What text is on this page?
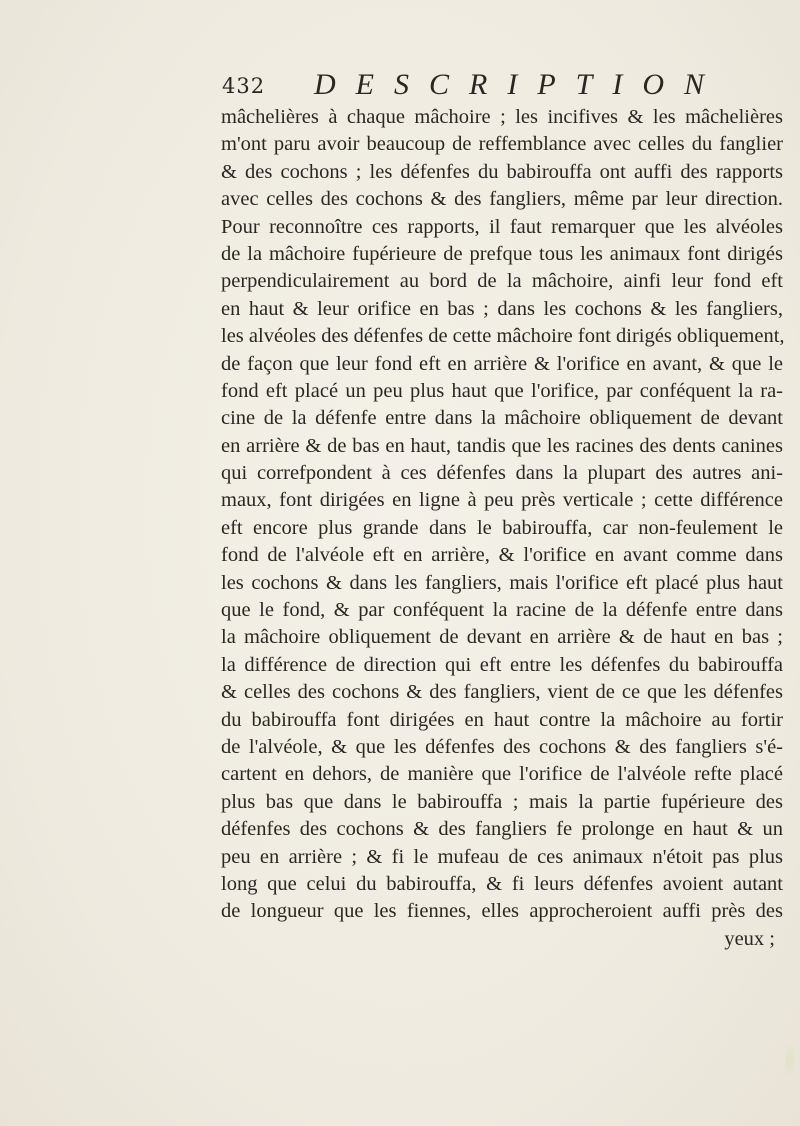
432 DESCRIPTION
mâchelières à chaque mâchoire ; les incifives & les mâchelières
m'ont paru avoir beaucoup de reffemblance avec celles du fanglier
& des cochons ; les défenfes du babirouffa ont auffi des rapports
avec celles des cochons & des fangliers, même par leur direction.
Pour reconnoître ces rapports, il faut remarquer que les alvéoles
de la mâchoire fupérieure de prefque tous les animaux font dirigés
perpendiculairement au bord de la mâchoire, ainfi leur fond eft
en haut & leur orifice en bas ; dans les cochons & les fangliers,
les alvéoles des défenfes de cette mâchoire font dirigés obliquement,
de façon que leur fond eft en arrière & l'orifice en avant, & que le
fond eft placé un peu plus haut que l'orifice, par conféquent la ra-
cine de la défenfe entre dans la mâchoire obliquement de devant
en arrière & de bas en haut, tandis que les racines des dents canines
qui correfpondent à ces défenfes dans la plupart des autres ani-
maux, font dirigées en ligne à peu près verticale ; cette différence
eft encore plus grande dans le babirouffa, car non-feulement le
fond de l'alvéole eft en arrière, & l'orifice en avant comme dans
les cochons & dans les fangliers, mais l'orifice eft placé plus haut
que le fond, & par conféquent la racine de la défenfe entre dans
la mâchoire obliquement de devant en arrière & de haut en bas ;
la différence de direction qui eft entre les défenfes du babirouffa
& celles des cochons & des fangliers, vient de ce que les défenfes
du babirouffa font dirigées en haut contre la mâchoire au fortir
de l'alvéole, & que les défenfes des cochons & des fangliers s'é-
cartent en dehors, de manière que l'orifice de l'alvéole refte placé
plus bas que dans le babirouffa ; mais la partie fupérieure des
défenfes des cochons & des fangliers fe prolonge en haut & un
peu en arrière ; & fi le mufeau de ces animaux n'étoit pas plus
long que celui du babirouffa, & fi leurs défenfes avoient autant
de longueur que les fiennes, elles approcheroient auffi près des
yeux ;
